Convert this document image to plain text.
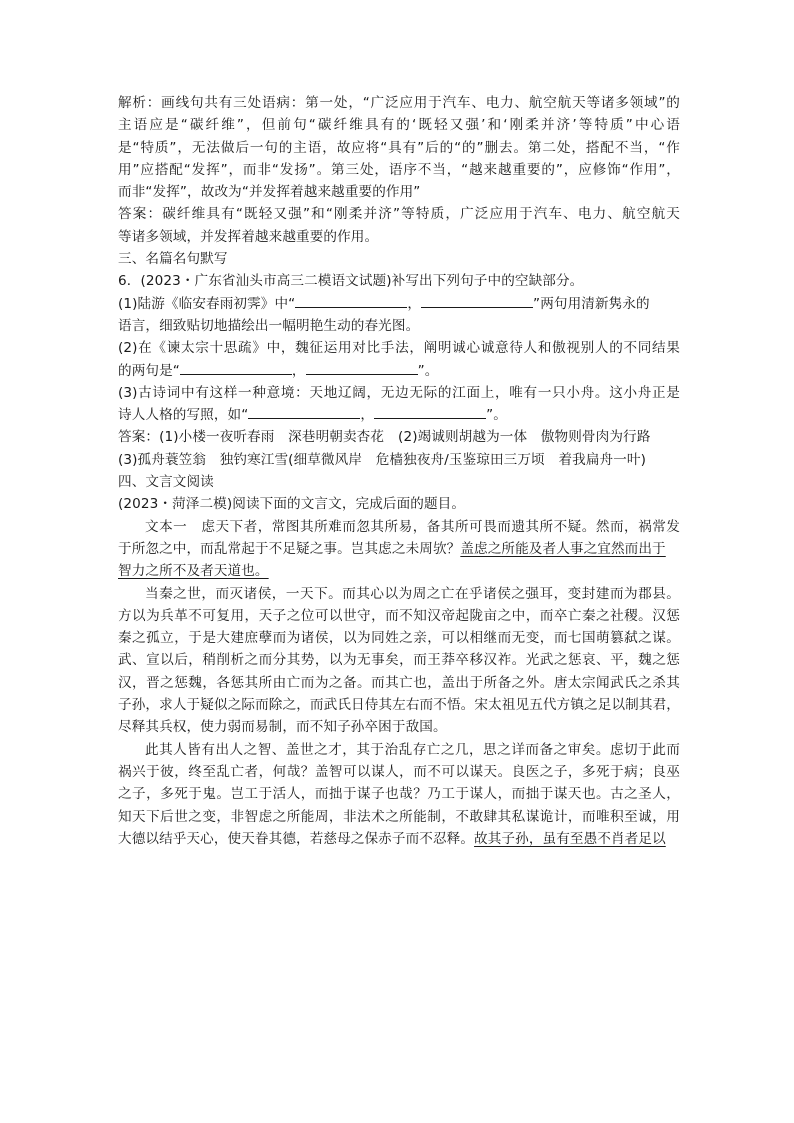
解析：画线句共有三处语病：第一处，“广泛应用于汽车、电力、航空航天等诸多领域”的
主语应是“碳纤维”，但前句“碳纤维具有的‘既轻又强’和‘刚柔并济’等特质”中心语
是“特质”，无法做后一句的主语，故应将“具有”后的“的”删去。第二处，搭配不当，“作
用”应搭配“发挥”，而非“发扬”。第三处，语序不当，“越来越重要的”，应修饰“作用”，
而非“发挥”，故改为“并发挥着越来越重要的作用”
答案：碳纤维具有“既轻又强”和“刚柔并济”等特质，广泛应用于汽车、电力、航空航天
等诸多领域，并发挥着越来越重要的作用。
三、名篇名句默写
6．(2023・广东省汕头市高三二模语文试题)补写出下列句子中的空缺部分。
(1)陆游《临安春雨初霁》中“	，	”两句用清新隽永的
语言，细致贴切地描绘出一幅明艳生动的春光图。
(2)在《谏太宗十思疏》中，魏征运用对比手法，阐明诚心诚意待人和傲视别人的不同结果
的两句是“	，	”。
(3)古诗词中有这样一种意境：天地辽阔，无边无际的江面上，唯有一只小舟。这小舟正是
诗人人格的写照，如“	，	”。
答案：(1)小楼一夜听春雨　深巷明朝卖杏花 (2)竭诚则胡越为一体　傲物则骨肉为行路
(3)孤舟蓑笠翁　独钓寒江雪(细草微风岸　危樯独夜舟/玉鉴琼田三万顷　着我扁舟一叶)
四、文言文阅读
(2023・菏泽二模)阅读下面的文言文，完成后面的题目。
文本一　虑天下者，常图其所难而忽其所易，备其所可畏而遗其所不疑。然而，祸常发
于所忽之中，而乱常起于不足疑之事。岂其虑之未周欤？盖虑之所能及者人事之宜然而出于
智力之所不及者天道也。
当秦之世，而灭诸侯，一天下。而其心以为周之亡在乎诸侯之强耳，变封建而为郡县。
方以为兵革不可复用，天子之位可以世守，而不知汉帝起陇亩之中，而卒亡秦之社稷。汉惩
秦之孤立，于是大建庶孽而为诸侯，以为同姓之亲，可以相继而无变，而七国萌篡弑之谋。
武、宣以后，稍削析之而分其势，以为无事矣，而王莽卒移汉祚。光武之惩哀、平，魏之惩
汉，晋之惩魏，各惩其所由亡而为之备。而其亡也，盖出于所备之外。唐太宗闻武氏之杀其
子孙，求人于疑似之际而除之，而武氏日侍其左右而不悟。宋太祖见五代方镇之足以制其君，
尽释其兵权，使力弱而易制，而不知子孙卒困于敌国。
此其人皆有出人之智、盖世之才，其于治乱存亡之几，思之详而备之审矣。虑切于此而
祸兴于彼，终至乱亡者，何哉？盖智可以谋人，而不可以谋天。良医之子，多死于病；良巫
之子，多死于鬼。岂工于活人，而拙于谋子也哉？乃工于谋人，而拙于谋天也。古之圣人，
知天下后世之变，非智虑之所能周，非法术之所能制，不敢肆其私谋诡计，而唯积至诚，用
大德以结乎天心，使天眷其德，若慈母之保赤子而不忍释。故其子孙，虽有至愚不肖者足以
